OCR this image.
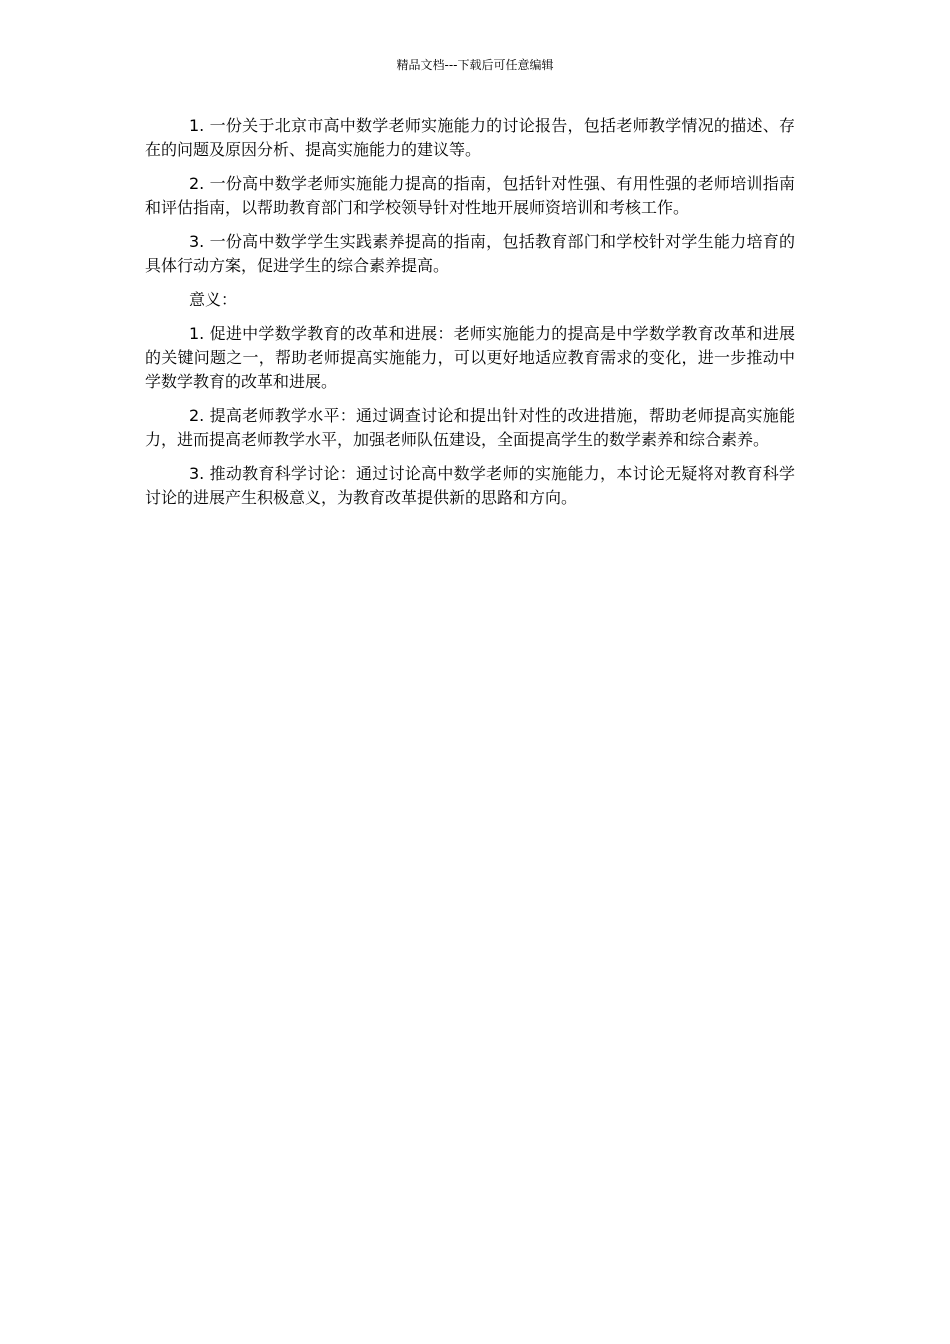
精品文档---下载后可任意编辑

1. 一份关于北京市高中数学老师实施能力的讨论报告，包括老师教学情况的描述、存在的问题及原因分析、提高实施能力的建议等。

2. 一份高中数学老师实施能力提高的指南，包括针对性强、有用性强的老师培训指南和评估指南，以帮助教育部门和学校领导针对性地开展师资培训和考核工作。

3. 一份高中数学学生实践素养提高的指南，包括教育部门和学校针对学生能力培育的具体行动方案，促进学生的综合素养提高。

意义：

1. 促进中学数学教育的改革和进展：老师实施能力的提高是中学数学教育改革和进展的关键问题之一，帮助老师提高实施能力，可以更好地适应教育需求的变化，进一步推动中学数学教育的改革和进展。

2. 提高老师教学水平：通过调查讨论和提出针对性的改进措施，帮助老师提高实施能力，进而提高老师教学水平，加强老师队伍建设，全面提高学生的数学素养和综合素养。

3. 推动教育科学讨论：通过讨论高中数学老师的实施能力，本讨论无疑将对教育科学讨论的进展产生积极意义，为教育改革提供新的思路和方向。
